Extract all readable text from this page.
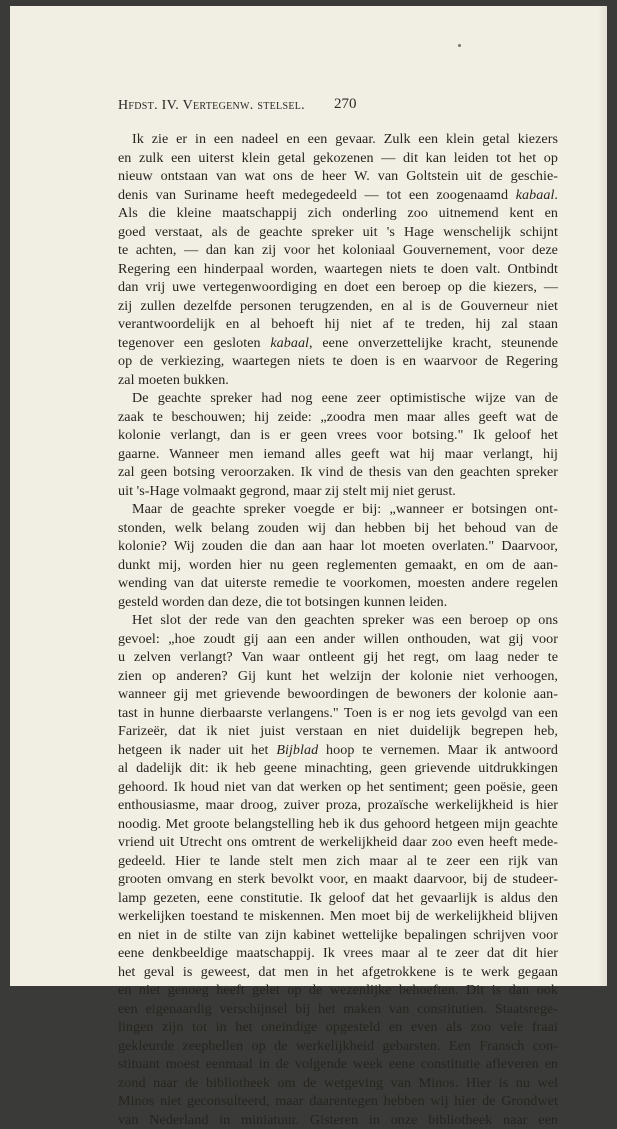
Hfdst. IV. Vertegenw. stelsel. 270
Ik zie er in een nadeel en een gevaar. Zulk een klein getal kiezers
en zulk een uiterst klein getal gekozenen — dit kan leiden tot het op
nieuw ontstaan van wat ons de heer W. van Goltstein uit de geschie-
denis van Suriname heeft medegedeeld — tot een zoogenaamd kabaal.
Als die kleine maatschappij zich onderling zoo uitnemend kent en
goed verstaat, als de geachte spreker uit 's Hage wenschelijk schijnt
te achten, — dan kan zij voor het koloniaal Gouvernement, voor deze
Regering een hinderpaal worden, waartegen niets te doen valt. Ontbindt
dan vrij uwe vertegenwoordiging en doet een beroep op die kiezers, —
zij zullen dezelfde personen terugzenden, en al is de Gouverneur niet
verantwoordelijk en al behoeft hij niet af te treden, hij zal staan
tegenover een gesloten kabaal, eene onverzettelijke kracht, steunende
op de verkiezing, waartegen niets te doen is en waarvoor de Regering
zal moeten bukken.
De geachte spreker had nog eene zeer optimistische wijze van de
zaak te beschouwen; hij zeide: „zoodra men maar alles geeft wat de
kolonie verlangt, dan is er geen vrees voor botsing." Ik geloof het
gaarne. Wanneer men iemand alles geeft wat hij maar verlangt, hij
zal geen botsing veroorzaken. Ik vind de thesis van den geachten spreker
uit 's-Hage volmaakt gegrond, maar zij stelt mij niet gerust.
Maar de geachte spreker voegde er bij: „wanneer er botsingen ont-
stonden, welk belang zouden wij dan hebben bij het behoud van de
kolonie? Wij zouden die dan aan haar lot moeten overlaten." Daarvoor,
dunkt mij, worden hier nu geen reglementen gemaakt, en om de aan-
wending van dat uiterste remedie te voorkomen, moesten andere regelen
gesteld worden dan deze, die tot botsingen kunnen leiden.
Het slot der rede van den geachten spreker was een beroep op ons
gevoel: „hoe zoudt gij aan een ander willen onthouden, wat gij voor
u zelven verlangt? Van waar ontleent gij het regt, om laag neder te
zien op anderen? Gij kunt het welzijn der kolonie niet verhoogen,
wanneer gij met grievende bewoordingen de bewoners der kolonie aan-
tast in hunne dierbaarste verlangens." Toen is er nog iets gevolgd van een
Farizeër, dat ik niet juist verstaan en niet duidelijk begrepen heb,
hetgeen ik nader uit het Bijblad hoop te vernemen. Maar ik antwoord
al dadelijk dit: ik heb geene minachting, geen grievende uitdrukkingen
gehoord. Ik houd niet van dat werken op het sentiment; geen poësie, geen
enthousiasme, maar droog, zuiver proza, prozaïsche werkelijkheid is hier
noodig. Met groote belangstelling heb ik dus gehoord hetgeen mijn geachte
vriend uit Utrecht ons omtrent de werkelijkheid daar zoo even heeft mede-
gedeeld. Hier te lande stelt men zich maar al te zeer een rijk van
grooten omvang en sterk bevolkt voor, en maakt daarvoor, bij de studeer-
lamp gezeten, eene constitutie. Ik geloof dat het gevaarlijk is aldus den
werkelijken toestand te miskennen. Men moet bij de werkelijkheid blijven
en niet in de stilte van zijn kabinet wettelijke bepalingen schrijven voor
eene denkbeeldige maatschappij. Ik vrees maar al te zeer dat dit hier
het geval is geweest, dat men in het afgetrokkene is te werk gegaan
en niet genoeg heeft gelet op de wezenlijke behoeften. Dit is dan ook
een eigenaardig verschijnsel bij het maken van constitutien. Staatsrege-
lingen zijn tot in het oneindige opgesteld en even als zoo vele fraai
gekleurde zeepbellen op de werkelijkheid gebarsten. Een Fransch con-
stituant moest eenmaal in de volgende week eene constitutie afleveren en
zond naar de bibliotheek om de wetgeving van Minos. Hier is nu wel
Minos niet geconsulteerd, maar daarentegen hebben wij hier de Grondwet
van Nederland in miniatuur. Gisteren in onze bibliotheek naar een
